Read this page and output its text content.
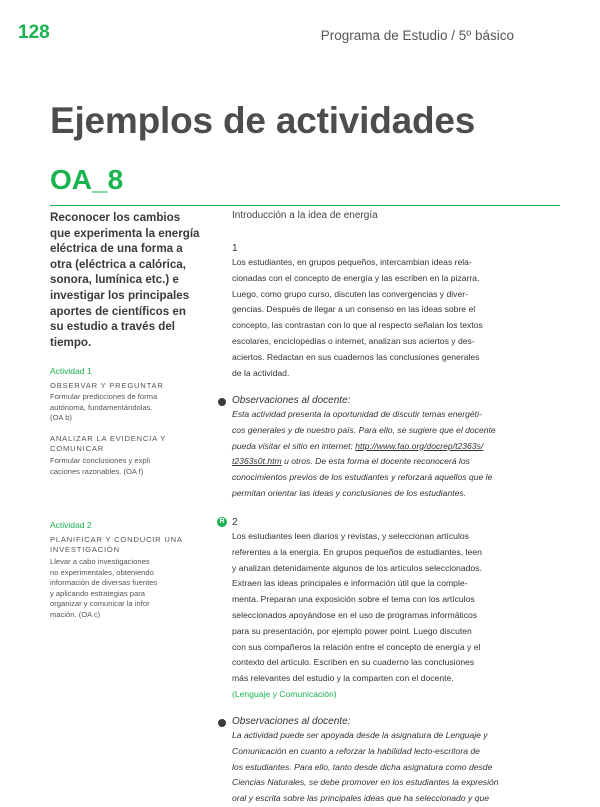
128	Programa de Estudio / 5º básico
Ejemplos de actividades
OA_8
Reconocer los cambios
que experimenta la energía
eléctrica de una forma a
otra (eléctrica a calórica,
sonora, lumínica etc.) e
investigar los principales
aportes de científicos en
su estudio a través del
tiempo.
Actividad 1
OBSERVAR Y PREGUNTAR
Formular predicciones de forma
autónoma, fundamentándolas.
(OA b)
ANALIZAR LA EVIDENCIA Y
COMUNICAR
Formular conclusiones y expli
caciones razonables. (OA f)
Actividad 2
PLANIFICAR Y CONDUCIR UNA
INVESTIGACIÓN
Llevar a cabo investigaciones
no experimentales, obteniendo
información de diversas fuentes
y aplicando estrategias para
organizar y comunicar la infor
mación. (OA c)
Introducción a la idea de energía
1
Los estudiantes, en grupos pequeños, intercambian ideas rela-
cionadas con el concepto de energía y las escriben en la pizarra.
Luego, como grupo curso, discuten las convergencias y diver-
gencias. Después de llegar a un consenso en las ideas sobre el
concepto, las contrastan con lo que al respecto señalan los textos
escolares, enciclopedias o internet, analizan sus aciertos y des-
aciertos. Redactan en sus cuadernos las conclusiones generales
de la actividad.
Observaciones al docente:
Esta actividad presenta la oportunidad de discutir temas energéti-
cos generales y de nuestro país. Para ello, se sugiere que el docente
pueda visitar el sitio en internet: http://www.fao.org/docrep/t2363s/
t2363s0t.htm u otros. De esta forma el docente reconocerá los
conocimientos previos de los estudiantes y reforzará aquellos que le
permitan orientar las ideas y conclusiones de los estudiantes.
R 2
Los estudiantes leen diarios y revistas, y seleccionan artículos
referentes a la energía. En grupos pequeños de estudiantes, leen
y analizan detenidamente algunos de los artículos seleccionados.
Extraen las ideas principales e información útil que la comple-
menta. Preparan una exposición sobre el tema con los artículos
seleccionados apoyándose en el uso de programas informáticos
para su presentación, por ejemplo power point. Luego discuten
con sus compañeros la relación entre el concepto de energía y el
contexto del artículo. Escriben en su cuaderno las conclusiones
más relevantes del estudio y la comparten con el docente.
(Lenguaje y Comunicación)
Observaciones al docente:
La actividad puede ser apoyada desde la asignatura de Lenguaje y
Comunicación en cuanto a reforzar la habilidad lecto-escritora de
los estudiantes. Para ello, tanto desde dicha asignatura como desde
Ciencias Naturales, se debe promover en los estudiantes la expresión
oral y escrita sobre las principales ideas que ha seleccionado y que
